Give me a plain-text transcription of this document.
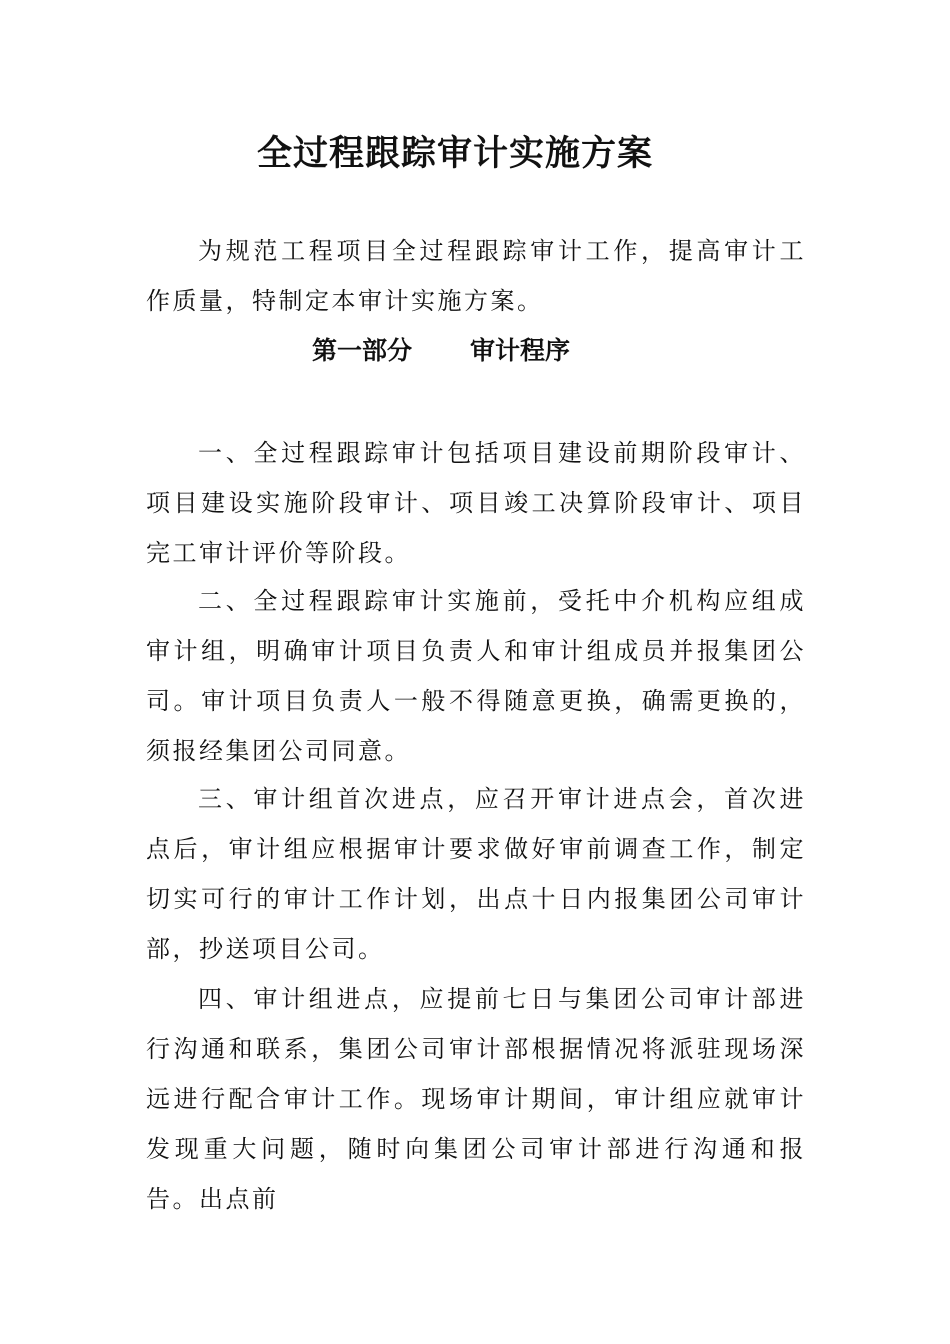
全过程跟踪审计实施方案

为规范工程项目全过程跟踪审计工作，提高审计工作质量，特制定本审计实施方案。

第一部分 审计程序

一、全过程跟踪审计包括项目建设前期阶段审计、项目建设实施阶段审计、项目竣工决算阶段审计、项目完工审计评价等阶段。

二、全过程跟踪审计实施前，受托中介机构应组成审计组，明确审计项目负责人和审计组成员并报集团公司。审计项目负责人一般不得随意更换，确需更换的，须报经集团公司同意。

三、审计组首次进点，应召开审计进点会，首次进点后，审计组应根据审计要求做好审前调查工作，制定切实可行的审计工作计划，出点十日内报集团公司审计部，抄送项目公司。

四、审计组进点，应提前七日与集团公司审计部进行沟通和联系，集团公司审计部根据情况将派驻现场深远进行配合审计工作。现场审计期间，审计组应就审计发现重大问题，随时向集团公司审计部进行沟通和报告。出点前
